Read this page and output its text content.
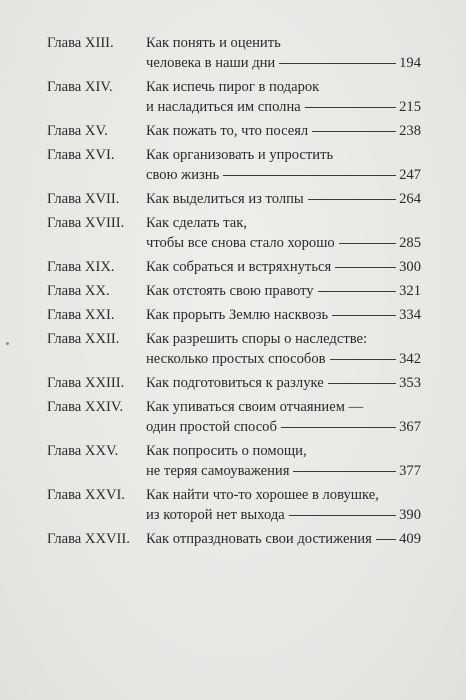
Глава XIII. Как понять и оценить
человека в наши дни	194
Глава XIV. Как испечь пирог в подарок
и насладиться им сполна	215
Глава XV.	Как пожать то, что посеял	238
Глава XVI. Как организовать и упростить
свою жизнь	247
Глава XVII. Как выделиться из толпы	264
Глава XVIII. Как сделать так,
чтобы все снова стало хорошо	285
Глава XIX. Как собраться и встряхнуться	300
Глава XX. Как отстоять свою правоту	321
Глава XXI. Как прорыть Землю насквозь	334
Глава XXII. Как разрешить споры о наследстве:
несколько простых способов	342
Глава XXIII. Как подготовиться к разлуке	353
Глава XXIV. Как упиваться своим отчаянием —
один простой способ	367
Глава XXV. Как попросить о помощи,
не теряя самоуважения	377
Глава XXVI. Как найти что-то хорошее в ловушке,
из которой нет выхода	390
Глава XXVII. Как отпраздновать свои достижения 409
